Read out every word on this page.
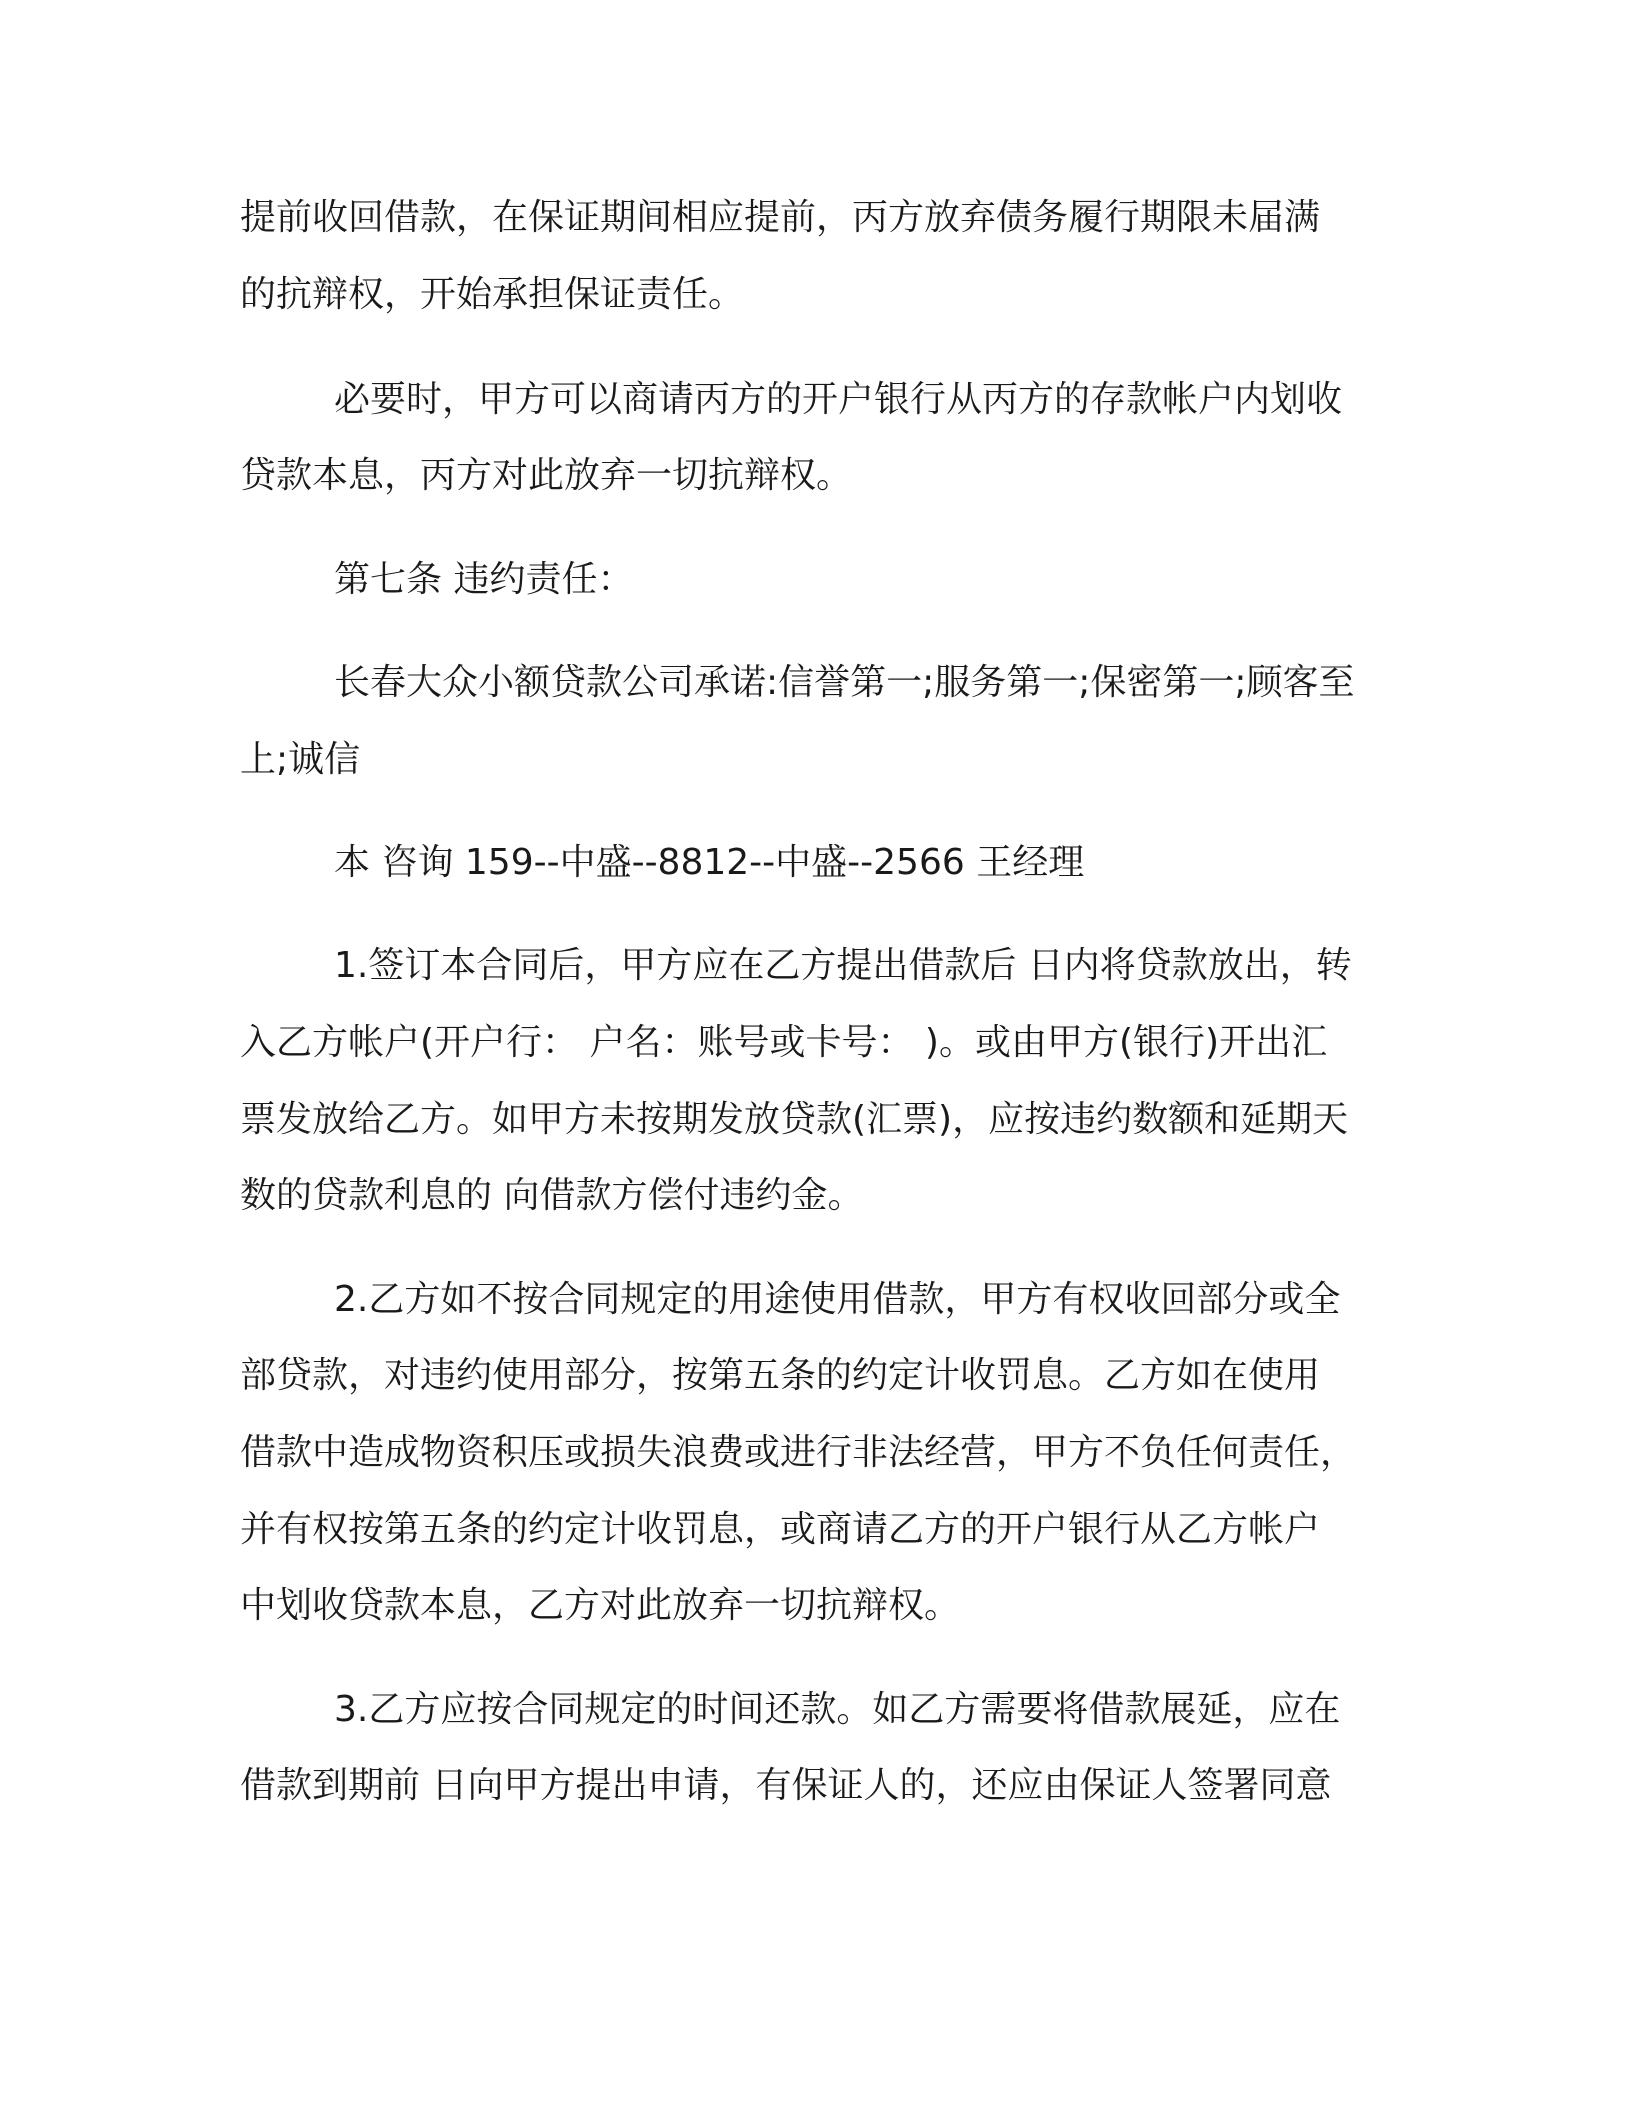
提前收回借款，在保证期间相应提前，丙方放弃债务履行期限未届满
的抗辩权，开始承担保证责任。
必要时，甲方可以商请丙方的开户银行从丙方的存款帐户内划收
贷款本息，丙方对此放弃一切抗辩权。
第七条 违约责任：
长春大众小额贷款公司承诺:信誉第一;服务第一;保密第一;顾客至
上;诚信
本 咨询 159--中盛--8812--中盛--2566 王经理
1.签订本合同后，甲方应在乙方提出借款后 日内将贷款放出，转
入乙方帐户(开户行： 户名：账号或卡号： )。或由甲方(银行)开出汇
票发放给乙方。如甲方未按期发放贷款(汇票)，应按违约数额和延期天
数的贷款利息的 向借款方偿付违约金。
2.乙方如不按合同规定的用途使用借款，甲方有权收回部分或全
部贷款，对违约使用部分，按第五条的约定计收罚息。乙方如在使用
借款中造成物资积压或损失浪费或进行非法经营，甲方不负任何责任，
并有权按第五条的约定计收罚息，或商请乙方的开户银行从乙方帐户
中划收贷款本息，乙方对此放弃一切抗辩权。
3.乙方应按合同规定的时间还款。如乙方需要将借款展延，应在
借款到期前 日向甲方提出申请，有保证人的，还应由保证人签署同意
